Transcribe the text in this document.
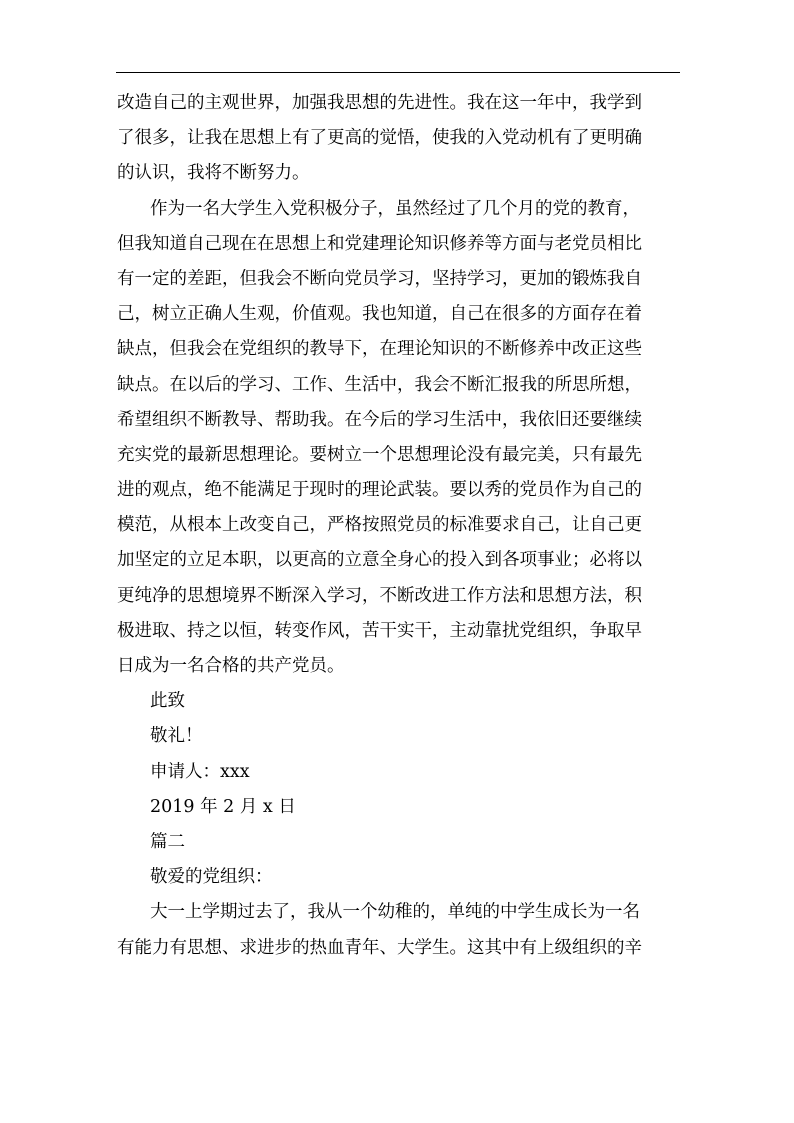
改造自己的主观世界，加强我思想的先进性。我在这一年中，我学到
了很多，让我在思想上有了更高的觉悟，使我的入党动机有了更明确
的认识，我将不断努力。
作为一名大学生入党积极分子，虽然经过了几个月的党的教育，
但我知道自己现在在思想上和党建理论知识修养等方面与老党员相比
有一定的差距，但我会不断向党员学习，坚持学习，更加的锻炼我自
己，树立正确人生观，价值观。我也知道，自己在很多的方面存在着
缺点，但我会在党组织的教导下，在理论知识的不断修养中改正这些
缺点。在以后的学习、工作、生活中，我会不断汇报我的所思所想，
希望组织不断教导、帮助我。在今后的学习生活中，我依旧还要继续
充实党的最新思想理论。要树立一个思想理论没有最完美，只有最先
进的观点，绝不能满足于现时的理论武装。要以秀的党员作为自己的
模范，从根本上改变自己，严格按照党员的标准要求自己，让自己更
加坚定的立足本职，以更高的立意全身心的投入到各项事业；必将以
更纯净的思想境界不断深入学习，不断改进工作方法和思想方法，积
极进取、持之以恒，转变作风，苦干实干，主动靠扰党组织，争取早
日成为一名合格的共产党员。
此致
敬礼！
申请人：xxx
2019 年 2 月 x 日
篇二
敬爱的党组织：
大一上学期过去了，我从一个幼稚的，单纯的中学生成长为一名
有能力有思想、求进步的热血青年、大学生。这其中有上级组织的辛
